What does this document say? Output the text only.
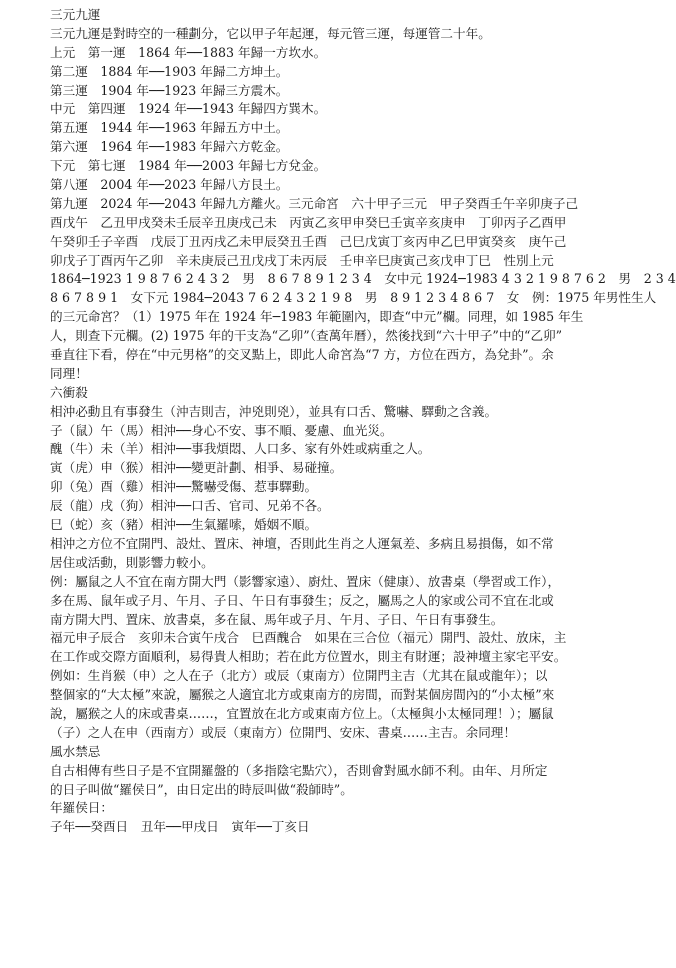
三元九運
三元九運是對時空的一種劃分，它以甲子年起運，每元管三運，每運管二十年。
上元　第一運　1864 年──1883 年歸一方坎水。
第二運　1884 年──1903 年歸二方坤土。
第三運　1904 年──1923 年歸三方震木。
中元　第四運　1924 年──1943 年歸四方巽木。
第五運　1944 年──1963 年歸五方中土。
第六運　1964 年──1983 年歸六方乾金。
下元　第七運　1984 年──2003 年歸七方兌金。
第八運　2004 年──2023 年歸八方艮土。
第九運　2024 年──2043 年歸九方離火。三元命宮　六十甲子三元　甲子癸酉壬午辛卯庚子己
酉戊午　乙丑甲戌癸未壬辰辛丑庚戌己未　丙寅乙亥甲申癸巳壬寅辛亥庚申　丁卯丙子乙酉甲
午癸卯壬子辛酉　戊辰丁丑丙戌乙未甲辰癸丑壬酉　己巳戊寅丁亥丙申乙巳甲寅癸亥　庚午己
卯戊子丁酉丙午乙卯　辛未庚辰己丑戊戌丁未丙辰　壬申辛巳庚寅己亥戊申丁巳　性別上元
1864─1923 1 9 8 7 6 2 4 3 2　男　8 6 7 8 9 1 2 3 4　女中元 1924─1983 4 3 2 1 9 8 7 6 2　男　2 3 4
8 6 7 8 9 1　女下元 1984─2043 7 6 2 4 3 2 1 9 8　男　8 9 1 2 3 4 8 6 7　女　例：1975 年男性生人
的三元命宮？（1）1975 年在 1924 年─1983 年範圍內，即查“中元”欄。同理，如 1985 年生
人，則查下元欄。(2) 1975 年的干支為“乙卯”（查萬年曆），然後找到“六十甲子”中的“乙卯”
垂直往下看，停在“中元男格”的交叉點上，即此人命宮為“7 方，方位在西方，為兌卦”。余
同理！
六衝殺
相沖必動且有事發生（沖吉則吉，沖兇則兇），並具有口舌、驚嚇、驛動之含義。
子（鼠）午（馬）相沖──身心不安、事不順、憂慮、血光災。
醜（牛）未（羊）相沖──事我煩悶、人口多、家有外姓或病重之人。
寅（虎）申（猴）相沖──變更計劃、相爭、易碰撞。
卯（兔）酉（雞）相沖──驚嚇受傷、惹事驛動。
辰（龍）戌（狗）相沖──口舌、官司、兄弟不各。
巳（蛇）亥（豬）相沖──生氣羅嗦，婚姻不順。
相沖之方位不宜開門、設灶、置床、神壇，否則此生肖之人運氣差、多病且易損傷，如不常
居住或活動，則影響力較小。
例：屬鼠之人不宜在南方開大門（影響家遠）、廚灶、置床（健康）、放書桌（學習或工作），
多在馬、鼠年或子月、午月、子日、午日有事發生；反之，屬馬之人的家或公司不宜在北或
南方開大門、置床、放書桌，多在鼠、馬年或子月、午月、子日、午日有事發生。
福元申子辰合　亥卯未合寅午戌合　巳酉醜合　如果在三合位（福元）開門、設灶、放床，主
在工作或交際方面順利，易得貴人相助；若在此方位置水，則主有財運；設神壇主家宅平安。
例如：生肖猴（申）之人在子（北方）或辰（東南方）位開門主吉（尤其在鼠或龍年）；以
整個家的“大太極”來說，屬猴之人適宜北方或東南方的房間，而對某個房間內的“小太極”來
說，屬猴之人的床或書桌……，宜置放在北方或東南方位上。（太極與小太極同理！）；屬鼠
（子）之人在申（西南方）或辰（東南方）位開門、安床、書桌……主吉。余同理！
風水禁忌
自古相傳有些日子是不宜開羅盤的（多指陰宅點穴），否則會對風水師不利。由年、月所定
的日子叫做“羅侯日”，由日定出的時辰叫做“殺師時”。
年羅侯日：
子年──癸酉日　丑年──甲戌日　寅年──丁亥日
